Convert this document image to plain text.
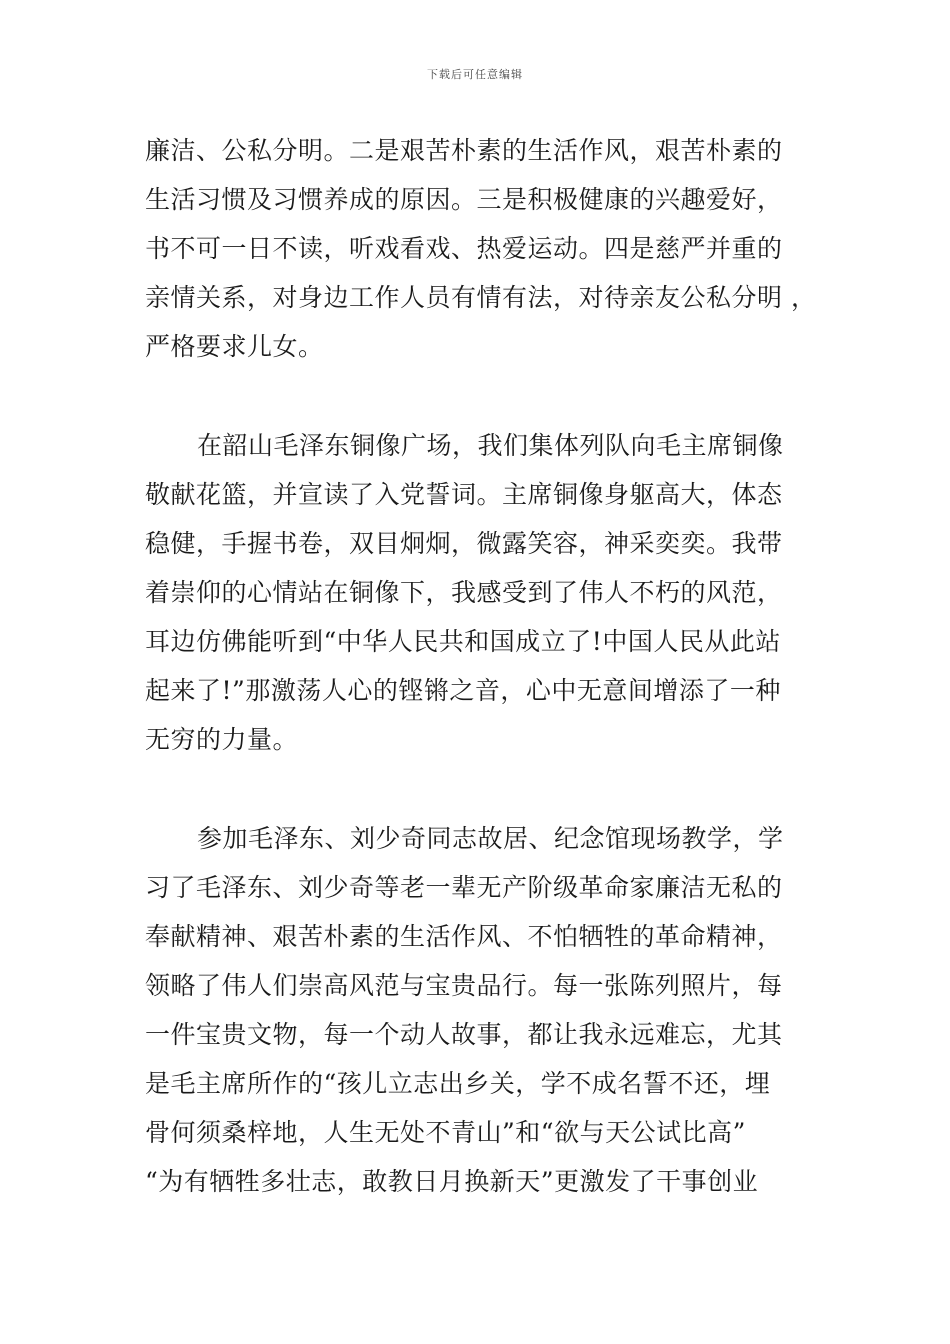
下载后可任意编辑
廉洁、公私分明。二是艰苦朴素的生活作风，艰苦朴素的
生活习惯及习惯养成的原因。三是积极健康的兴趣爱好，
书不可一日不读，听戏看戏、热爱运动。四是慈严并重的
亲情关系，对身边工作人员有情有法，对待亲友公私分明 ，
严格要求儿女。
在韶山毛泽东铜像广场，我们集体列队向毛主席铜像
敬献花篮，并宣读了入党誓词。主席铜像身躯高大，体态
稳健，手握书卷，双目炯炯，微露笑容，神采奕奕。我带
着崇仰的心情站在铜像下，我感受到了伟人不朽的风范，
耳边仿佛能听到“中华人民共和国成立了!中国人民从此站
起来了!”那激荡人心的铿锵之音，心中无意间增添了一种
无穷的力量。
参加毛泽东、刘少奇同志故居、纪念馆现场教学，学
习了毛泽东、刘少奇等老一辈无产阶级革命家廉洁无私的
奉献精神、艰苦朴素的生活作风、不怕牺牲的革命精神，
领略了伟人们崇高风范与宝贵品行。每一张陈列照片，每
一件宝贵文物，每一个动人故事，都让我永远难忘，尤其
是毛主席所作的“孩儿立志出乡关，学不成名誓不还，埋
骨何须桑梓地，人生无处不青山”和“欲与天公试比高”
“为有牺牲多壮志，敢教日月换新天”更激发了干事创业
